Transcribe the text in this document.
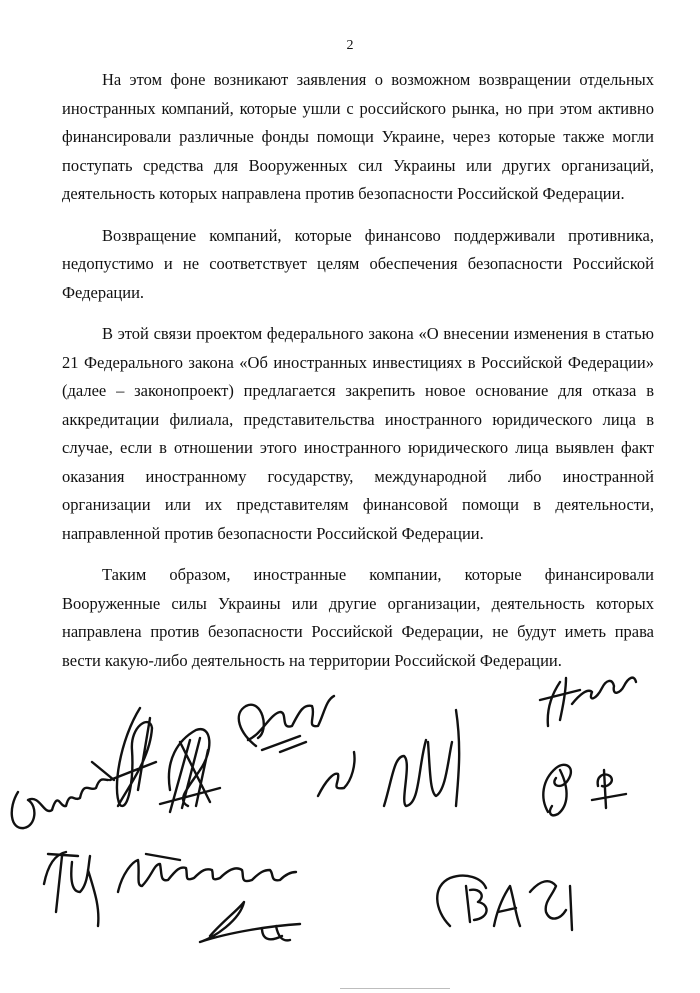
2

На этом фоне возникают заявления о возможном возвращении отдельных иностранных компаний, которые ушли с российского рынка, но при этом активно финансировали различные фонды помощи Украине, через которые также могли поступать средства для Вооруженных сил Украины или других организаций, деятельность которых направлена против безопасности Российской Федерации.

Возвращение компаний, которые финансово поддерживали противника, недопустимо и не соответствует целям обеспечения безопасности Российской Федерации.

В этой связи проектом федерального закона «О внесении изменения в статью 21 Федерального закона «Об иностранных инвестициях в Российской Федерации» (далее – законопроект) предлагается закрепить новое основание для отказа в аккредитации филиала, представительства иностранного юридического лица в случае, если в отношении этого иностранного юридического лица выявлен факт оказания иностранному государству, международной либо иностранной организации или их представителям финансовой помощи в деятельности, направленной против безопасности Российской Федерации.

Таким образом, иностранные компании, которые финансировали Вооруженные силы Украины или другие организации, деятельность которых направлена против безопасности Российской Федерации, не будут иметь права вести какую-либо деятельность на территории Российской Федерации.
